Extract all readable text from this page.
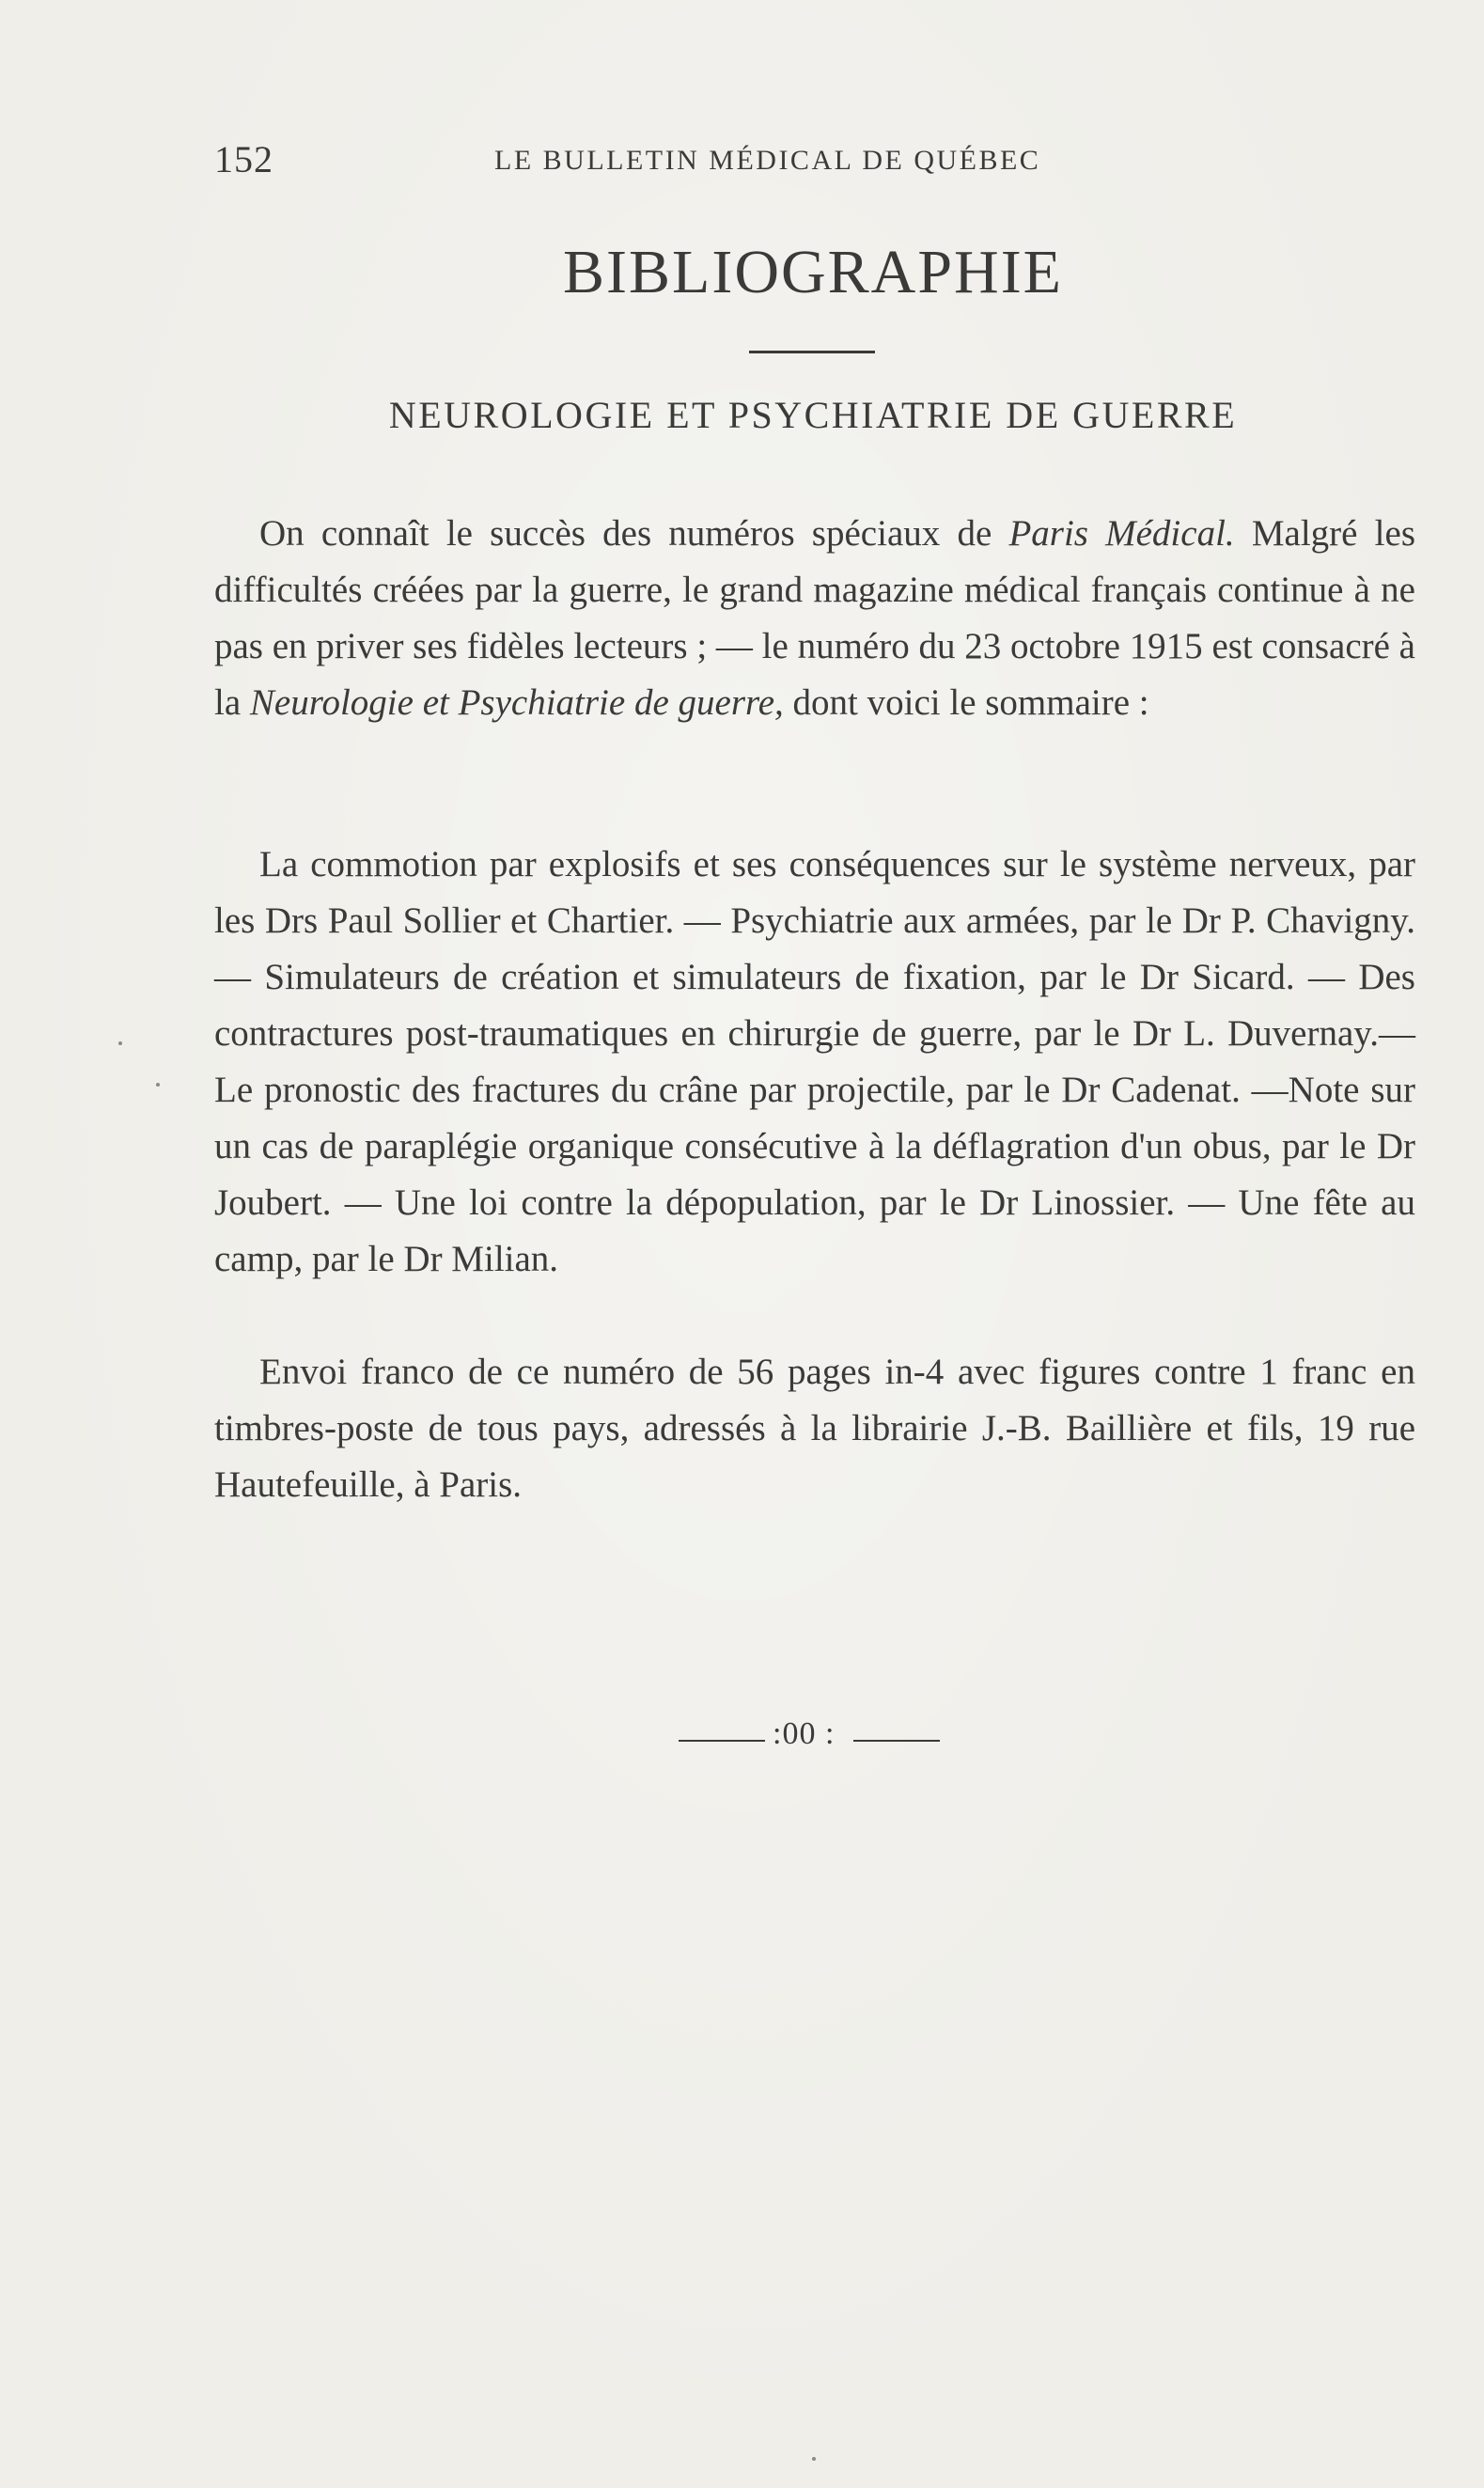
152	LE BULLETIN MÉDICAL DE QUÉBEC
BIBLIOGRAPHIE
NEUROLOGIE ET PSYCHIATRIE DE GUERRE

On connaît le succès des numéros spéciaux de Paris Médical. Malgré les difficultés créées par la guerre, le grand magazine médical français continue à ne pas en priver ses fidèles lecteurs ; — le numéro du 23 octobre 1915 est consacré à la Neurologie et Psychiatrie de guerre, dont voici le sommaire :

La commotion par explosifs et ses conséquences sur le système nerveux, par les Drs Paul Sollier et Chartier. — Psychiatrie aux armées, par le Dr P. Chavigny. — Simulateurs de création et simulateurs de fixation, par le Dr Sicard. — Des contractures post-traumatiques en chirurgie de guerre, par le Dr L. Duvernay.—Le pronostic des fractures du crâne par projectile, par le Dr Cadenat. —Note sur un cas de paraplégie organique consécutive à la déflagration d'un obus, par le Dr Joubert. — Une loi contre la dépopulation, par le Dr Linossier. — Une fête au camp, par le Dr Milian.

Envoi franco de ce numéro de 56 pages in-4 avec figures contre 1 franc en timbres-poste de tous pays, adressés à la librairie J.-B. Baillière et fils, 19 rue Hautefeuille, à Paris.

:00 :
